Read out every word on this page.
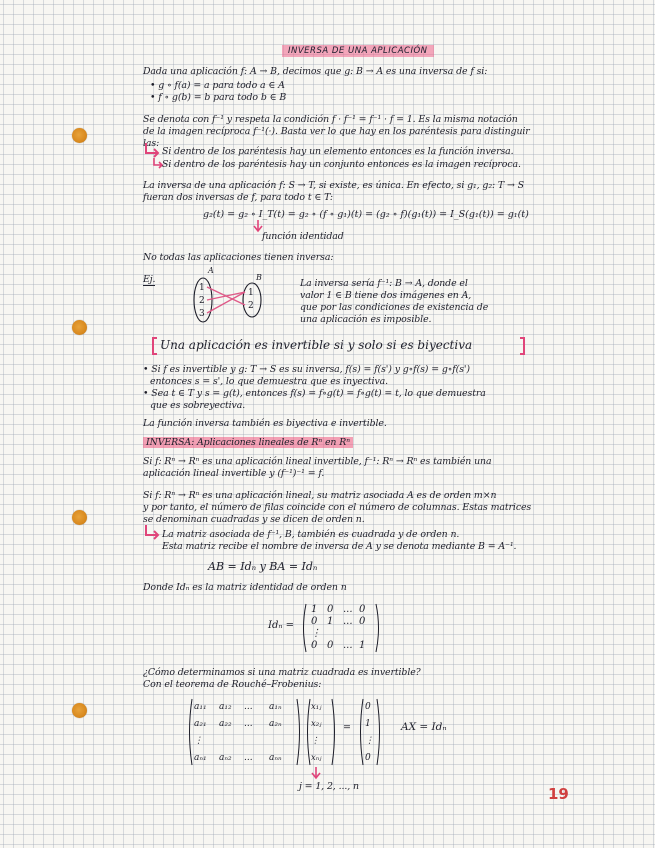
INVERSA DE UNA APLICACIÓN
Dada una aplicación f: A → B, decimos que g: B → A es una inversa de f si:
• g ∘ f(a) = a para todo a ∈ A
• f ∘ g(b) = b para todo b ∈ B
Se denota con f⁻¹ y respeta la condición f · f⁻¹ = f⁻¹ · f = 1. Es la misma notación
de la imagen recíproca f⁻¹(·). Basta ver lo que hay en los paréntesis para distinguir
las:
Si dentro de los paréntesis hay un elemento entonces es la función inversa.
Si dentro de los paréntesis hay un conjunto entonces es la imagen recíproca.
La inversa de una aplicación f: S → T, si existe, es única. En efecto, si g₁, g₂: T → S
fueran dos inversas de f, para todo t ∈ T:
g₂(t) = g₂ ∘ I_T(t) = g₂ ∘ (f ∘ g₁)(t) = (g₂ ∘ f)(g₁(t)) = I_S(g₁(t)) = g₁(t)
función identidad
No todas las aplicaciones tienen inversa:
Ej.
A
B
1
2
3
1
2
La inversa sería f⁻¹: B → A, donde el
valor 1 ∈ B tiene dos imágenes en A,
que por las condiciones de existencia de
una aplicación es imposible.
Una aplicación es invertible si y solo si es biyectiva
• Si f es invertible y g: T → S es su inversa, f(s) = f(s') y g∘f(s) = g∘f(s')
entonces s = s', lo que demuestra que es inyectiva.
• Sea t ∈ T y s = g(t), entonces f(s) = f∘g(t) = f∘g(t) = t, lo que demuestra
que es sobreyectiva.
La función inversa también es biyectiva e invertible.
INVERSA: Aplicaciones lineales de Rⁿ en Rⁿ
Si f: Rⁿ → Rⁿ es una aplicación lineal invertible, f⁻¹: Rⁿ → Rⁿ es también una
aplicación lineal invertible y (f⁻¹)⁻¹ = f.
Si f: Rⁿ → Rⁿ es una aplicación lineal, su matriz asociada A es de orden m×n
y por tanto, el número de filas coincide con el número de columnas. Estas matrices
se denominan cuadradas y se dicen de orden n.
La matriz asociada de f⁻¹, B, también es cuadrada y de orden n.
Esta matriz recibe el nombre de inversa de A y se denota mediante B = A⁻¹.
AB = Idₙ y BA = Idₙ
Donde Idₙ es la matriz identidad de orden n
Idₙ =
1 0 ... 0
0 1 ... 0
⋮
0 0 ... 1
¿Cómo determinamos si una matriz cuadrada es invertible?
Con el teorema de Rouché–Frobenius:
a₁₁ a₁₂ ... a₁ₙ
a₂₁ a₂₂ ... a₂ₙ
⋮
aₙ₁ aₙ₂ ... aₙₙ
x₁ⱼ
x₂ⱼ
⋮
xₙⱼ
=
0
1
⋮
0
AX = Idₙ
j = 1, 2, ..., n	19
